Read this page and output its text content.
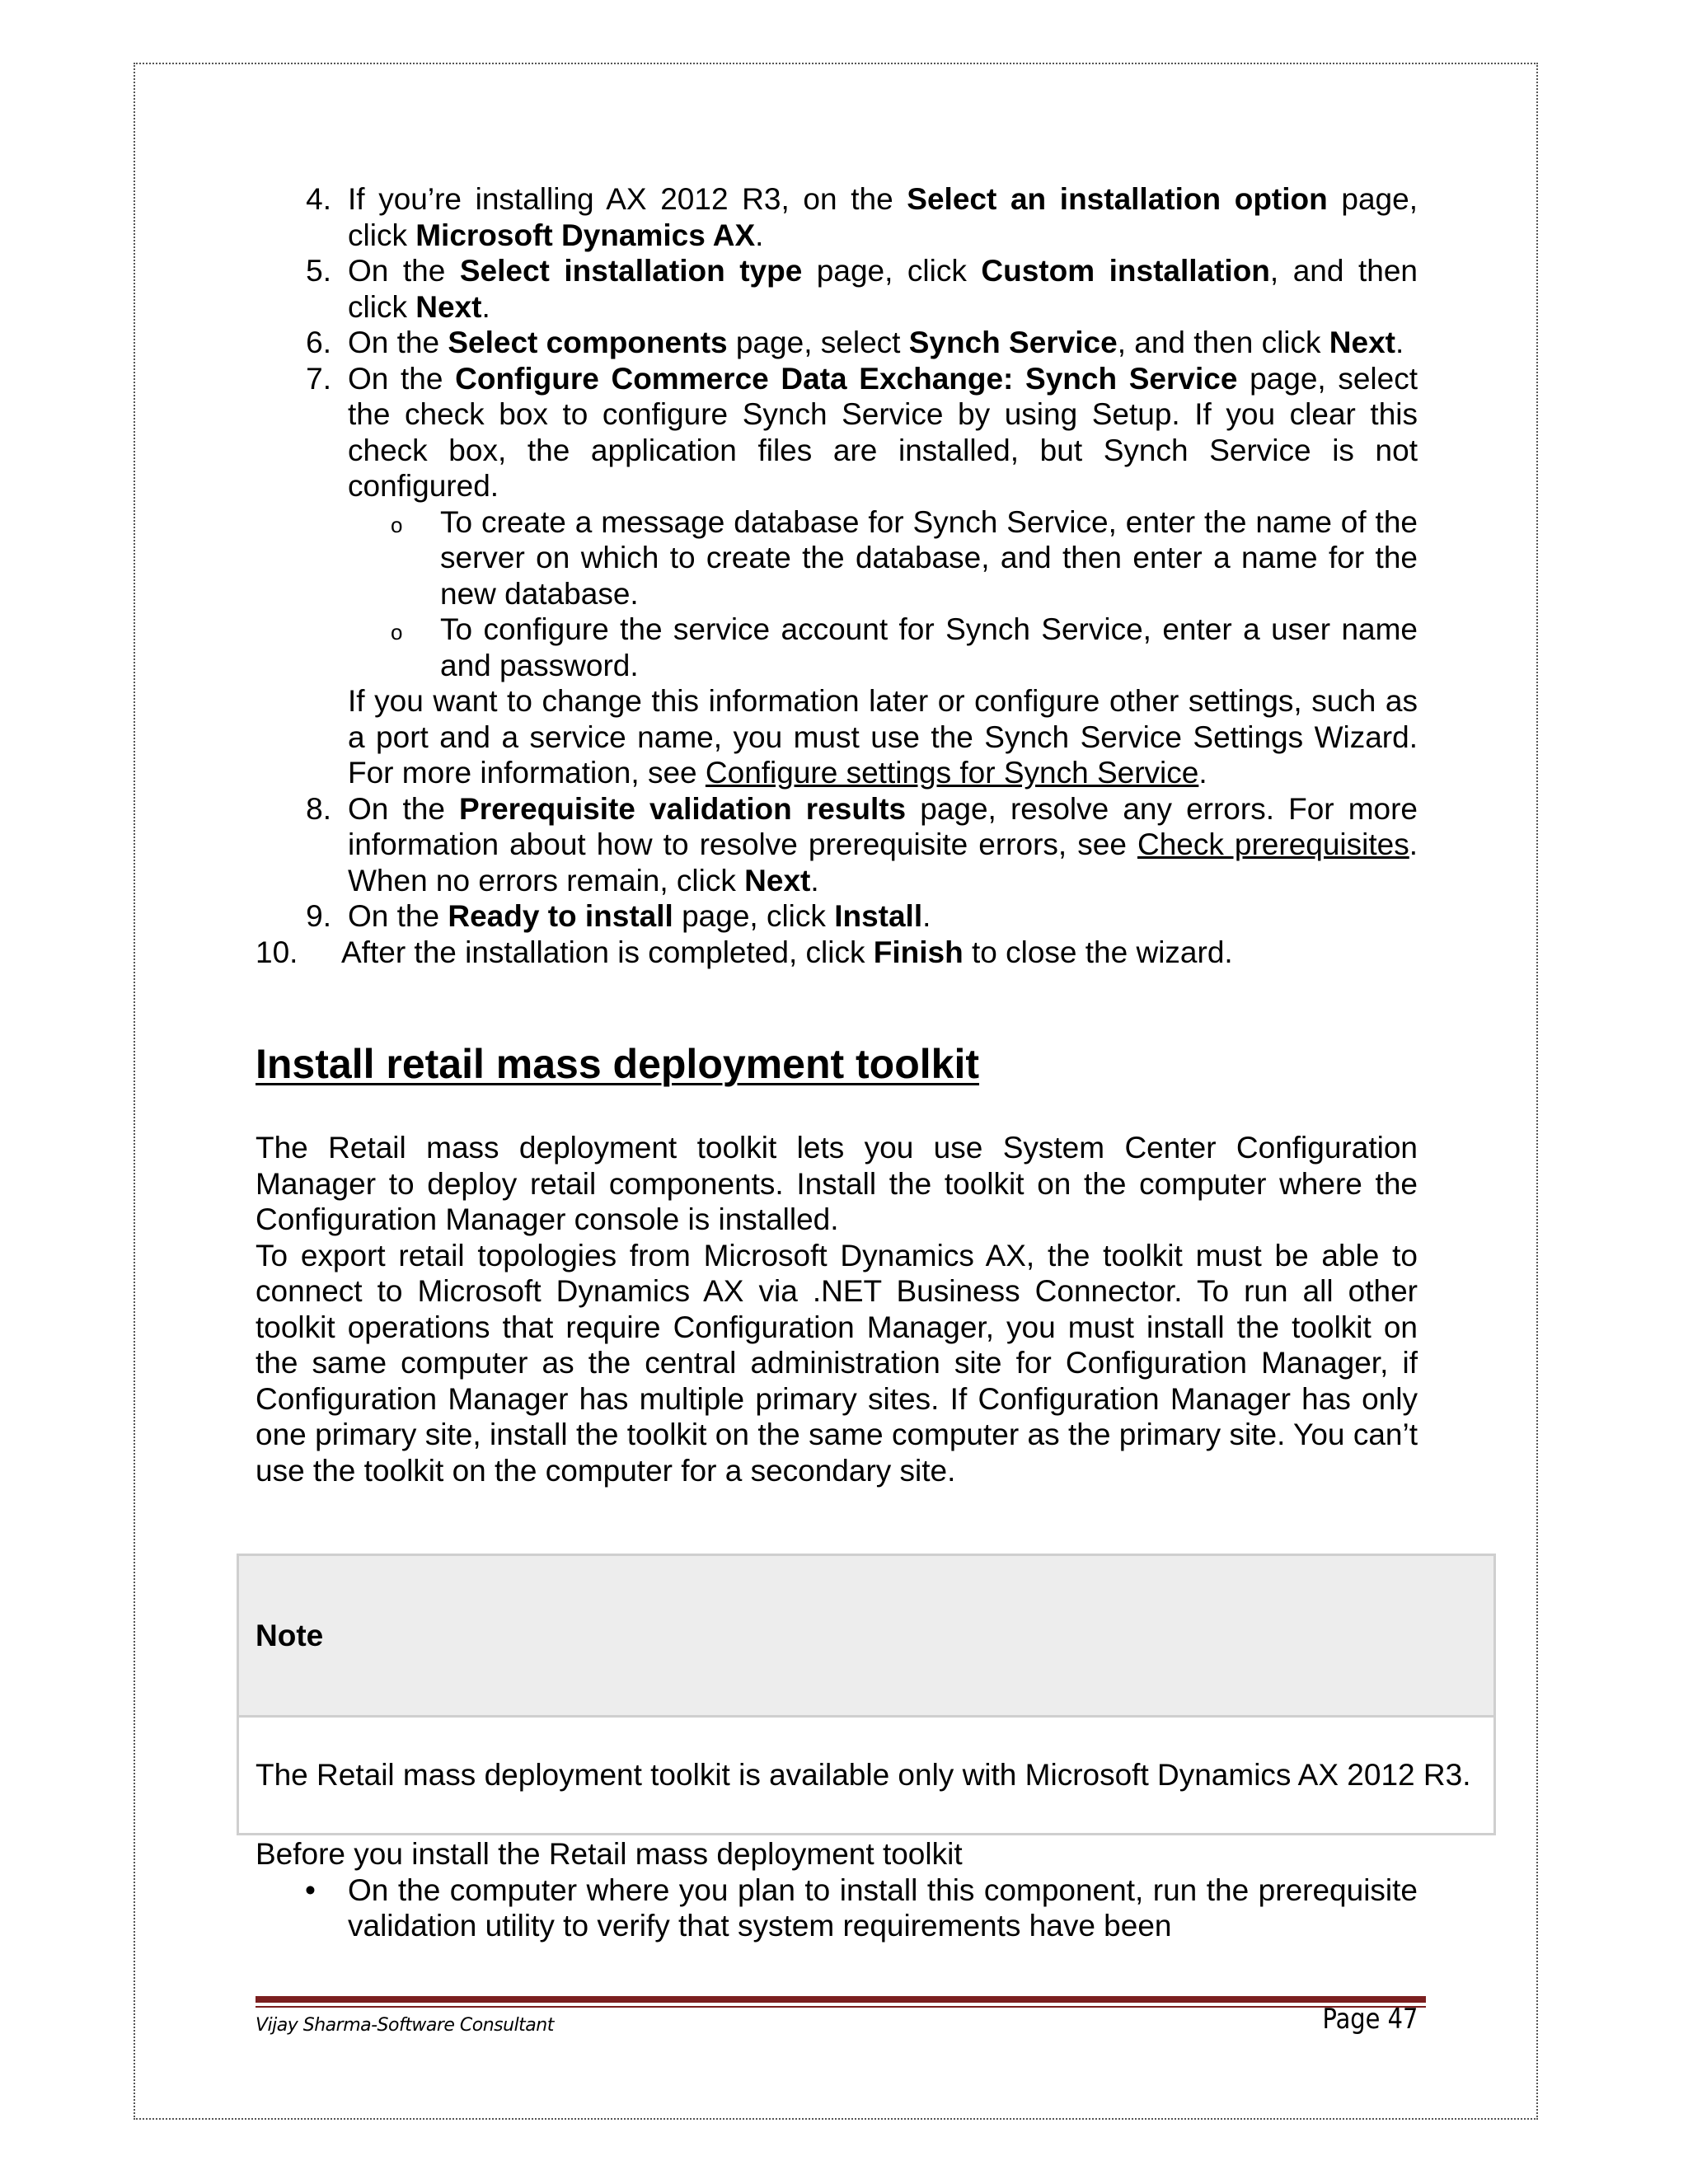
4. If you’re installing AX 2012 R3, on the Select an installation option page, click Microsoft Dynamics AX.
5. On the Select installation type page, click Custom installation, and then click Next.
6. On the Select components page, select Synch Service, and then click Next.
7. On the Configure Commerce Data Exchange: Synch Service page, select the check box to configure Synch Service by using Setup. If you clear this check box, the application files are installed, but Synch Service is not configured.
o To create a message database for Synch Service, enter the name of the server on which to create the database, and then enter a name for the new database.
o To configure the service account for Synch Service, enter a user name and password.
If you want to change this information later or configure other settings, such as a port and a service name, you must use the Synch Service Settings Wizard. For more information, see Configure settings for Synch Service.
8. On the Prerequisite validation results page, resolve any errors. For more information about how to resolve prerequisite errors, see Check prerequisites. When no errors remain, click Next.
9. On the Ready to install page, click Install.
10.	After the installation is completed, click Finish to close the wizard.
Install retail mass deployment toolkit

The Retail mass deployment toolkit lets you use System Center Configuration Manager to deploy retail components. Install the toolkit on the computer where the Configuration Manager console is installed.

To export retail topologies from Microsoft Dynamics AX, the toolkit must be able to connect to Microsoft Dynamics AX via .NET Business Connector. To run all other toolkit operations that require Configuration Manager, you must install the toolkit on the same computer as the central administration site for Configuration Manager, if Configuration Manager has multiple primary sites. If Configuration Manager has only one primary site, install the toolkit on the same computer as the primary site. You can’t use the toolkit on the computer for a secondary site.

Note
The Retail mass deployment toolkit is available only with Microsoft Dynamics AX 2012 R3.

Before you install the Retail mass deployment toolkit

• On the computer where you plan to install this component, run the prerequisite validation utility to verify that system requirements have been
Vijay Sharma-Software Consultant	Page 47
